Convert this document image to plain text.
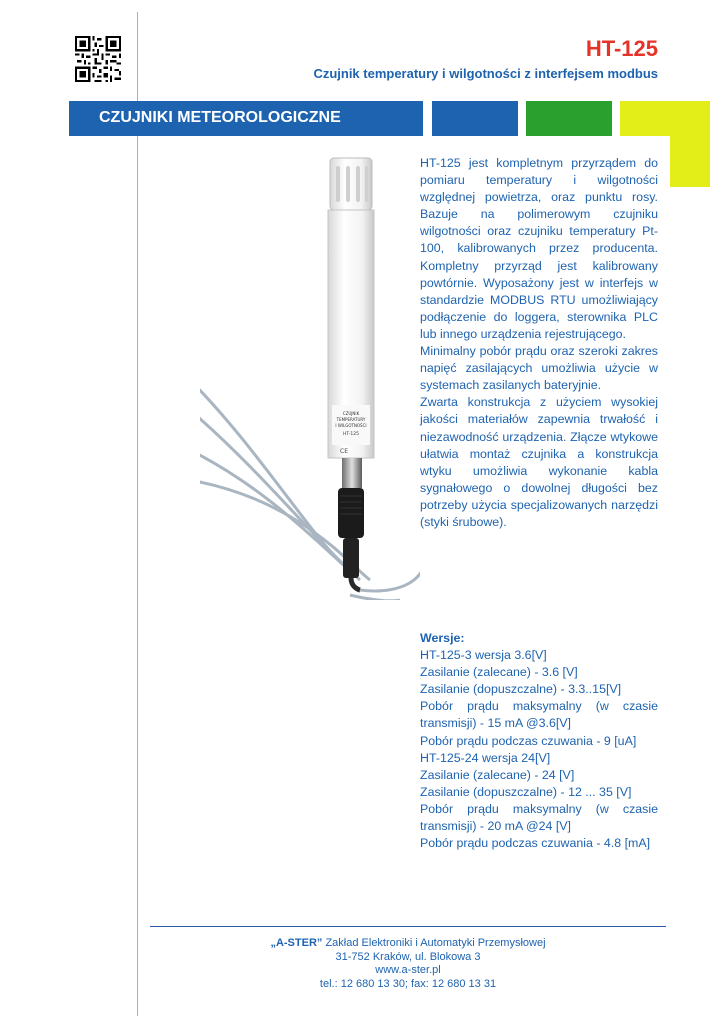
HT-125
Czujnik temperatury i wilgotności z interfejsem modbus
CZUJNIKI METEOROLOGICZNE
CZUJNIK
TEMPERATURY
I WILGOTNOŚCI
HT-125
CE

HT-125 jest kompletnym przyrządem do pomiaru temperatury i wilgotności względnej powietrza, oraz punktu rosy. Bazuje na polimerowym czujniku wilgotności oraz czujniku temperatury Pt-100, kalibrowanych przez producenta. Kompletny przyrząd jest kalibrowany powtórnie. Wyposażony jest w interfejs w standardzie MODBUS RTU umożliwiający podłączenie do loggera, sterownika PLC lub innego urządzenia rejestrującego.

Minimalny pobór prądu oraz szeroki zakres napięć zasilających umożliwia użycie w systemach zasilanych bateryjnie.

Zwarta konstrukcja z użyciem wysokiej jakości materiałów zapewnia trwałość i niezawodność urządzenia. Złącze wtykowe ułatwia montaż czujnika a konstrukcja wtyku umożliwia wykonanie kabla sygnałowego o dowolnej długości bez potrzeby użycia specjalizowanych narzędzi (styki śrubowe).

Wersje:

HT-125-3 wersja 3.6[V]

Zasilanie (zalecane) - 3.6 [V]

Zasilanie (dopuszczalne) - 3.3..15[V]

Pobór prądu maksymalny (w czasie transmisji) - 15 mA @3.6[V]

Pobór prądu podczas czuwania - 9 [uA]

HT-125-24 wersja 24[V]

Zasilanie (zalecane) - 24 [V]

Zasilanie (dopuszczalne) - 12 ... 35 [V]

Pobór prądu maksymalny (w czasie transmisji) - 20 mA @24 [V]

Pobór prądu podczas czuwania - 4.8 [mA]

„A-STER” Zakład Elektroniki i Automatyki Przemysłowej
31-752 Kraków, ul. Blokowa 3
www.a-ster.pl
tel.: 12 680 13 30; fax: 12 680 13 31
